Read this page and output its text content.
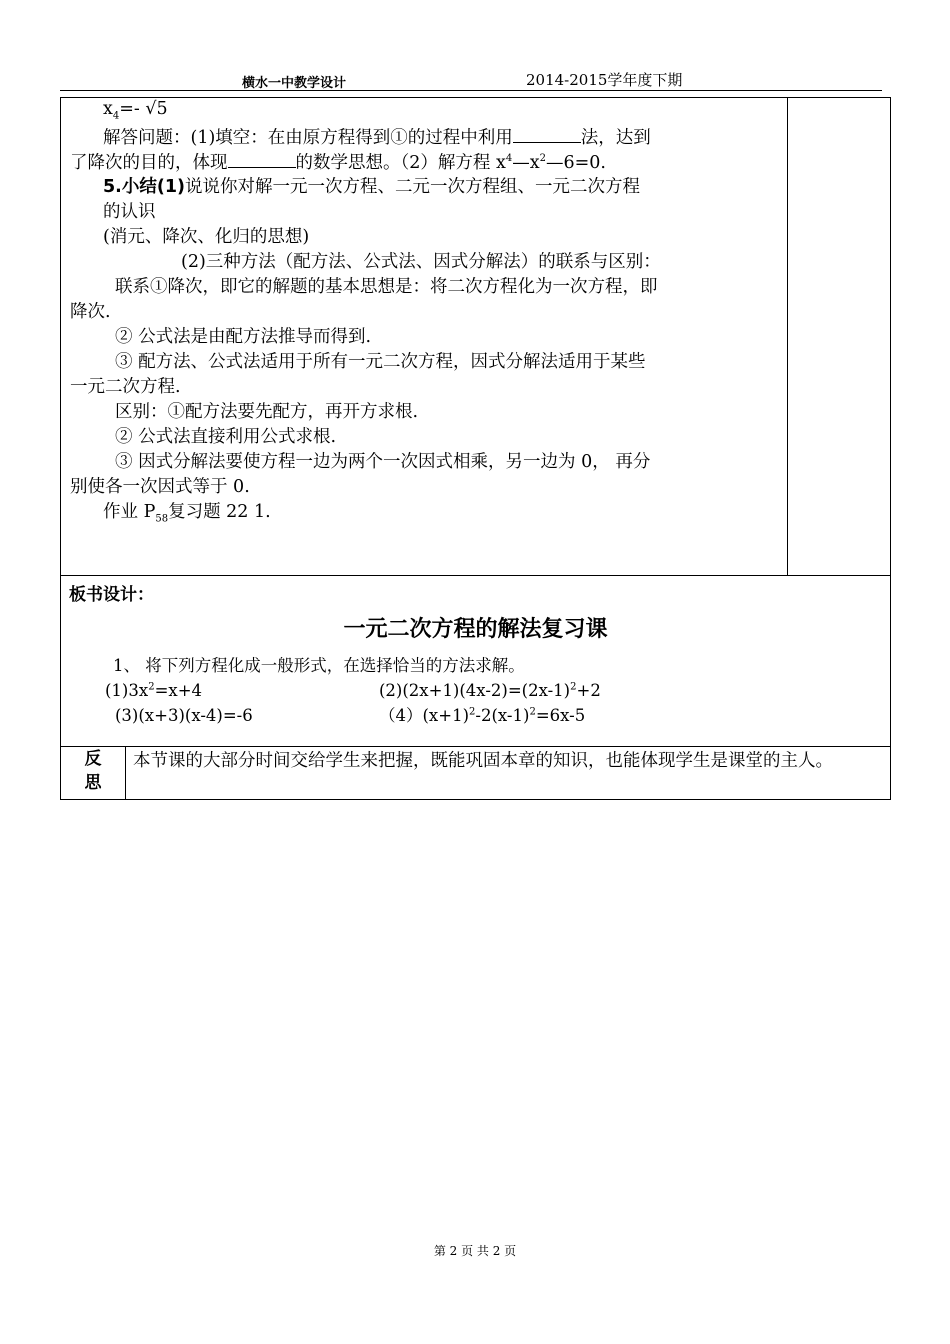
横水一中教学设计	2014-2015学年度下期
$x_4=-$ √5
解答问题：(1)填空：在由原方程得到①的过程中利用	法，达到
了降次的目的，体现	的数学思想。（2）解方程 $x^4—x^2—6=0$.
5.小结(1)说说你对解一元一次方程、二元一次方程组、一元二次方程
的认识
(消元、降次、化归的思想)
(2)三种方法（配方法、公式法、因式分解法）的联系与区别：
联系①降次，即它的解题的基本思想是：将二次方程化为一次方程，即
降次.
② 公式法是由配方法推导而得到.
③ 配方法、公式法适用于所有一元二次方程，因式分解法适用于某些
一元二次方程.
区别：①配方法要先配方，再开方求根.
② 公式法直接利用公式求根.
③ 因式分解法要使方程一边为两个一次因式相乘，另一边为 0， 再分
别使各一次因式等于 0.
作业 $P_{58}$复习题 22 1.
板书设计：
一元二次方程的解法复习课
1、 将下列方程化成一般形式，在选择恰当的方法求解。
$(1)3x^2=x+4$	$(2)(2x+1)(4x-2)=(2x-1)^2+2$
(3)(x+3)(x-4)=-6	$(4)(x+1)^2-2(x-1)^2=6x-5$
反
思
本节课的大部分时间交给学生来把握，既能巩固本章的知识，也能体现学生是课堂的主人。
第 2 页 共 2 页
